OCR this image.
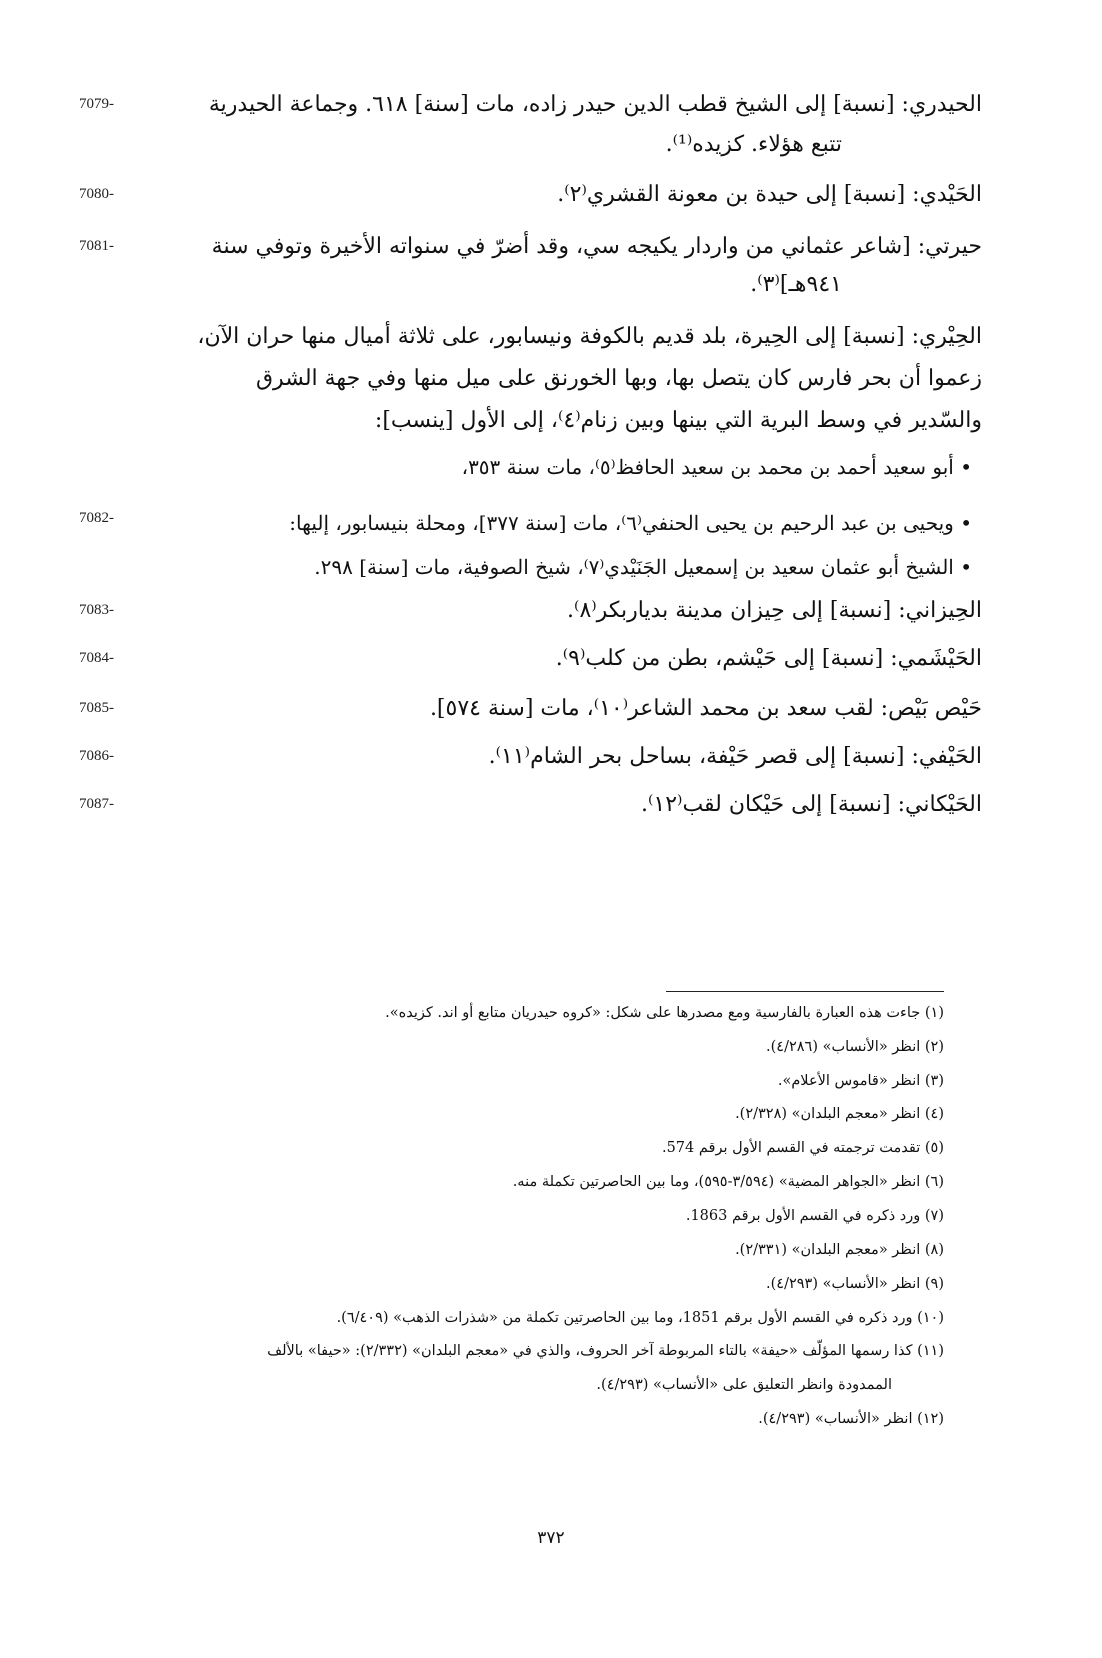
7079-	الحيدري: [نسبة] إلى الشيخ قطب الدين حيدر زاده، مات [سنة] ٦١٨. وجماعة الحيدرية
تتبع هؤلاء. كزيده⁽¹⁾.
7080-	الحَيْدي: [نسبة] إلى حيدة بن معونة القشري⁽٢⁾.
7081-	حيرتي: [شاعر عثماني من واردار يكيجه سي، وقد أضرّ في سنواته الأخيرة وتوفي سنة
٩٤١هـ]⁽٣⁾.
7082-
الحِيْري: [نسبة] إلى الحِيرة، بلد قديم بالكوفة ونيسابور، على ثلاثة أميال منها حران الآن،
زعموا أن بحر فارس كان يتصل بها، وبها الخورنق على ميل منها وفي جهة الشرق
والسّدير في وسط البرية التي بينها وبين زنام⁽٤⁾، إلى الأول [ينسب]:
• أبو سعيد أحمد بن محمد بن سعيد الحافظ⁽٥⁾، مات سنة ٣٥٣،
• ويحيى بن عبد الرحيم بن يحيى الحنفي⁽٦⁾، مات [سنة ٣٧٧]، ومحلة بنيسابور، إليها:
• الشيخ أبو عثمان سعيد بن إسمعيل الجَنَيْدي⁽٧⁾، شيخ الصوفية، مات [سنة] ٢٩٨.
7083-	الحِيزاني: [نسبة] إلى حِيزان مدينة بدياربكر⁽٨⁾.
7084-	الحَيْشَمي: [نسبة] إلى حَيْشم، بطن من كلب⁽٩⁾.
7085-	حَيْص بَيْص: لقب سعد بن محمد الشاعر⁽١٠⁾، مات [سنة ٥٧٤].
7086-	الحَيْفي: [نسبة] إلى قصر حَيْفة، بساحل بحر الشام⁽١١⁾.
7087-	الحَيْكاني: [نسبة] إلى حَيْكان لقب⁽١٢⁾.
(١) جاءت هذه العبارة بالفارسية ومع مصدرها على شكل: «كروه حيدريان متابع أو اند. كزيده».
(٢) انظر «الأنساب» (٤/٢٨٦).
(٣) انظر «قاموس الأعلام».
(٤) انظر «معجم البلدان» (٢/٣٢٨).
(٥) تقدمت ترجمته في القسم الأول برقم 574.
(٦) انظر «الجواهر المضية» (٣/٥٩٤-٥٩٥)، وما بين الحاصرتين تكملة منه.
(٧) ورد ذكره في القسم الأول برقم 1863.
(٨) انظر «معجم البلدان» (٢/٣٣١).
(٩) انظر «الأنساب» (٤/٢٩٣).
(١٠) ورد ذكره في القسم الأول برقم 1851، وما بين الحاصرتين تكملة من «شذرات الذهب» (٦/٤٠٩).
(١١) كذا رسمها المؤلّف «حيفة» بالتاء المربوطة آخر الحروف، والذي في «معجم البلدان» (٢/٣٣٢): «حيفا» بالألف
الممدودة وانظر التعليق على «الأنساب» (٤/٢٩٣).
(١٢) انظر «الأنساب» (٤/٢٩٣).
٣٧٢
